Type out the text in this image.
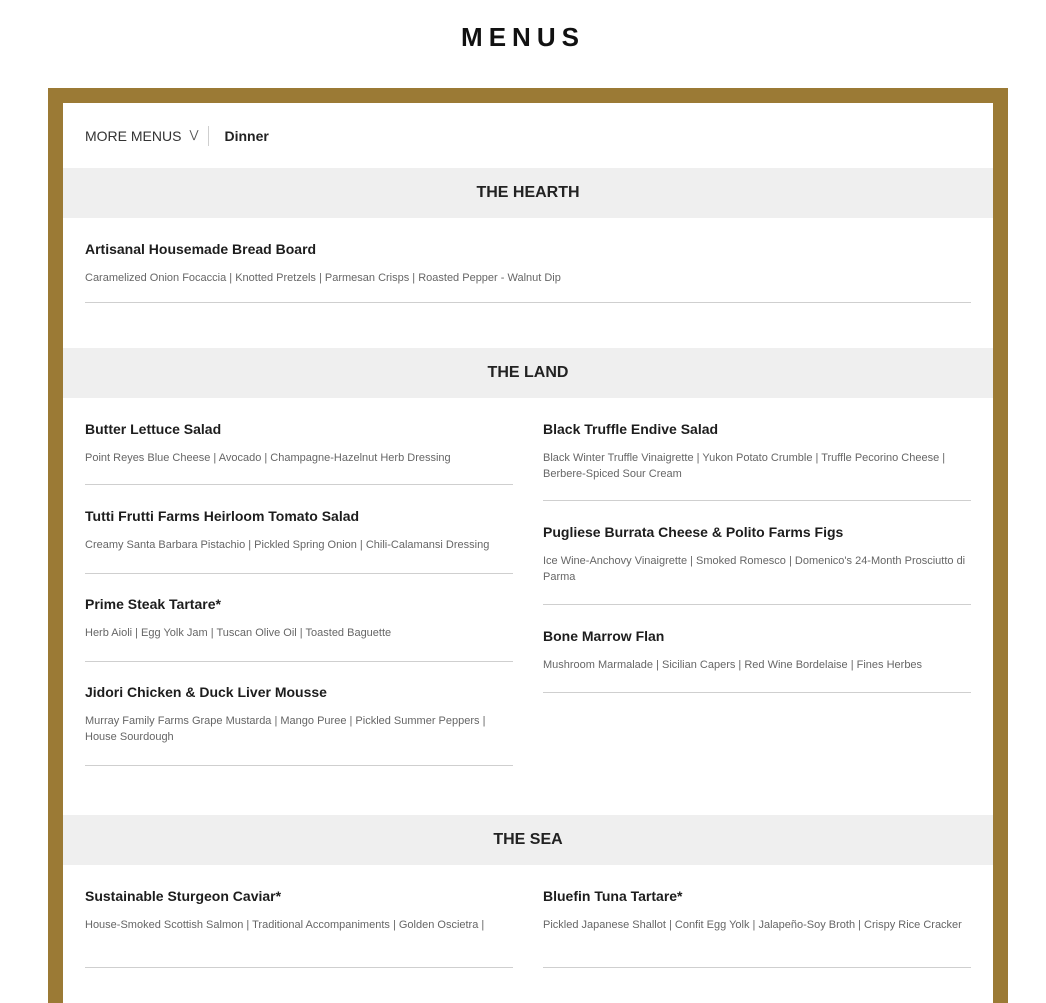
MENUS
MORE MENUS ⋁	Dinner
THE HEARTH
Artisanal Housemade Bread Board
Caramelized Onion Focaccia | Knotted Pretzels | Parmesan Crisps | Roasted Pepper - Walnut Dip
THE LAND
Butter Lettuce Salad
Point Reyes Blue Cheese | Avocado | Champagne-Hazelnut Herb Dressing
Tutti Frutti Farms Heirloom Tomato Salad
Creamy Santa Barbara Pistachio | Pickled Spring Onion | Chili-Calamansi Dressing
Prime Steak Tartare*
Herb Aioli | Egg Yolk Jam | Tuscan Olive Oil | Toasted Baguette
Jidori Chicken & Duck Liver Mousse
Murray Family Farms Grape Mustarda | Mango Puree | Pickled Summer Peppers | House Sourdough
Black Truffle Endive Salad
Black Winter Truffle Vinaigrette | Yukon Potato Crumble | Truffle Pecorino Cheese | Berbere-Spiced Sour Cream
Pugliese Burrata Cheese & Polito Farms Figs
Ice Wine-Anchovy Vinaigrette | Smoked Romesco | Domenico's 24-Month Prosciutto di Parma
Bone Marrow Flan
Mushroom Marmalade | Sicilian Capers | Red Wine Bordelaise | Fines Herbes
THE SEA
Sustainable Sturgeon Caviar*
House-Smoked Scottish Salmon | Traditional Accompaniments | Golden Oscietra |
Bluefin Tuna Tartare*
Pickled Japanese Shallot | Confit Egg Yolk | Jalapeño-Soy Broth | Crispy Rice Cracker
